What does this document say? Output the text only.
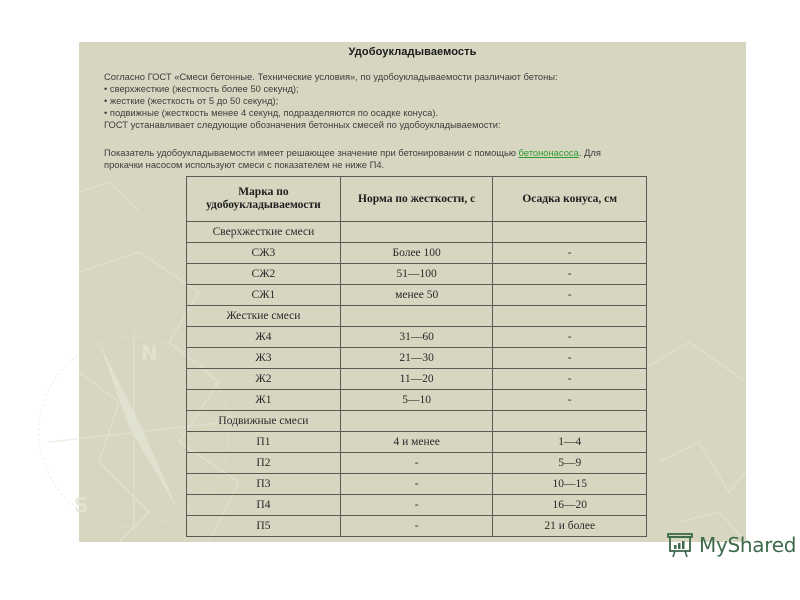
N
S
Удобоукладываемость
Согласно ГОСТ «Смеси бетонные. Технические условия», по удобоукладываемости различают бетоны:
• сверхжесткие (жесткость более 50 секунд);
• жесткие (жесткость от 5 до 50 секунд);
• подвижные (жесткость менее 4 секунд, подразделяются по осадке конуса).
ГОСТ устанавливает следующие обозначения бетонных смесей по удобоукладываемости:
Показатель удобоукладываемости имеет решающее значение при бетонировании с помощью бетононасоса. Для
прокачки насосом используют смеси с показателем не ниже П4.
Марка по удобоукладываемости	Норма по жесткости, с	Осадка конуса, см
Сверхжесткие смеси		
СЖ3	Более 100	-
СЖ2	51—100	-
СЖ1	менее 50	-
Жесткие смеси		
Ж4	31—60	-
Ж3	21—30	-
Ж2	11—20	-
Ж1	5—10	-
Подвижные смеси		
П1	4 и менее	1—4
П2	-	5—9
П3	-	10—15
П4	-	16—20
П5	-	21 и более
MyShared
